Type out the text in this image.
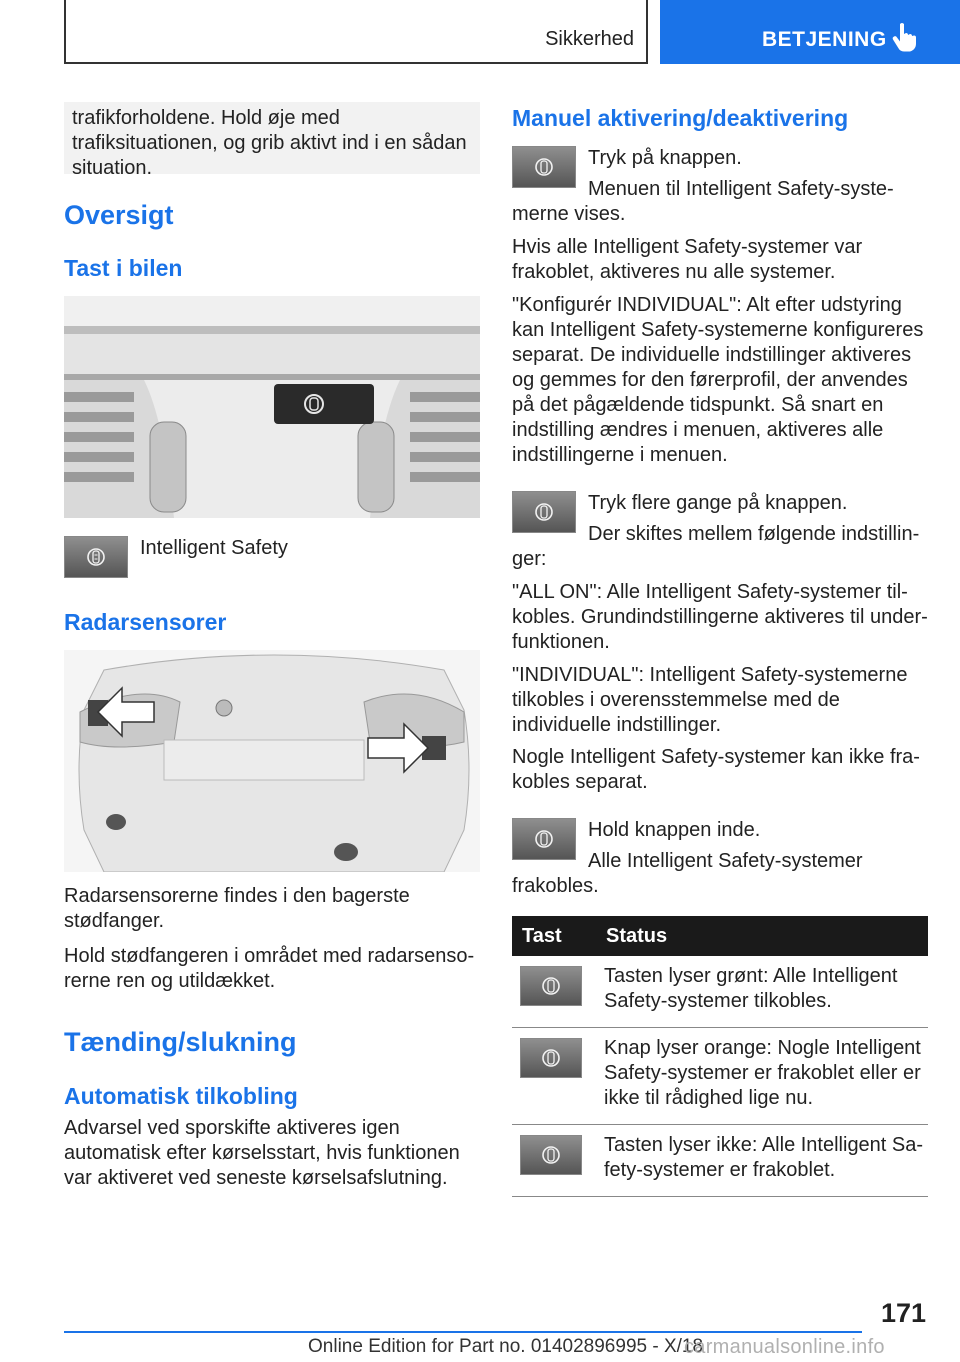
Sikkerhed	BETJENING

trafikforholdene. Hold øje med trafiksituationen, og grib aktivt ind i en sådan situation.

Oversigt
Tast i bilen
Intelligent Safety
Radarsensorer

Radarsensorerne findes i den bagerste stødfanger.

Hold stødfangeren i området med radarsensorerne ren og utildækket.

Tænding/slukning
Automatisk tilkobling

Advarsel ved sporskifte aktiveres igen automatisk efter kørselsstart, hvis funktionen var aktiveret ved seneste kørselsafslutning.

Manuel aktivering/deaktivering

Tryk på knappen.

Menuen til Intelligent Safety-systemerne vises.

Hvis alle Intelligent Safety-systemer var frakoblet, aktiveres nu alle systemer.

"Konfigurér INDIVIDUAL": Alt efter udstyring kan Intelligent Safety-systemerne konfigureres separat. De individuelle indstillinger aktiveres og gemmes for den førerprofil, der anvendes på det pågældende tidspunkt. Så snart en indstilling ændres i menuen, aktiveres alle indstillingerne i menuen.

Tryk flere gange på knappen.

Der skiftes mellem følgende indstillinger:

"ALL ON": Alle Intelligent Safety-systemer tilkobles. Grundindstillingerne aktiveres til underfunktionen.

"INDIVIDUAL": Intelligent Safety-systemerne tilkobles i overensstemmelse med de individuelle indstillinger.

Nogle Intelligent Safety-systemer kan ikke frakobles separat.

Hold knappen inde.

Alle Intelligent Safety-systemer frakobles.

Tast	Status

	Tasten lyser grønt: Alle Intelligent Safety-systemer tilkobles.

	Knap lyser orange: Nogle Intelligent Safety-systemer er frakoblet eller er ikke til rådighed lige nu.

	Tasten lyser ikke: Alle Intelligent Safety-systemer er frakoblet.
171
Online Edition for Part no. 01402896995 - X/18
carmanualsonline.info
